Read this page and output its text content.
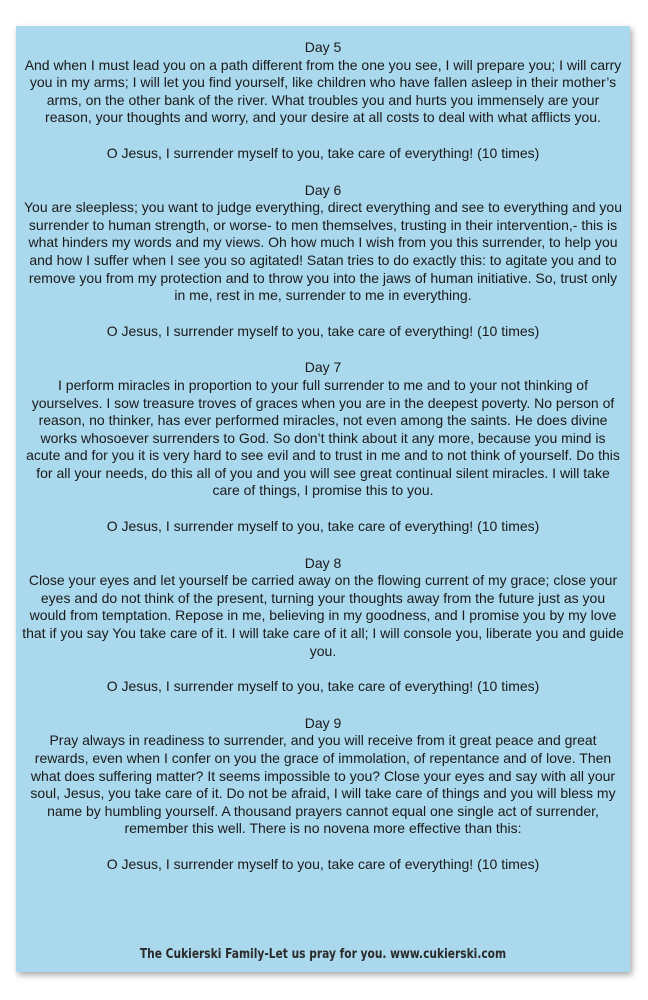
Day 5

And when I must lead you on a path different from the one you see, I will prepare you; I will carry you in my arms; I will let you find yourself, like children who have fallen asleep in their mother’s arms, on the other bank of the river. What troubles you and hurts you immensely are your reason, your thoughts and worry, and your desire at all costs to deal with what afflicts you.

O Jesus, I surrender myself to you, take care of everything! (10 times)

Day 6

You are sleepless; you want to judge everything, direct everything and see to everything and you surrender to human strength, or worse- to men themselves, trusting in their intervention,- this is what hinders my words and my views. Oh how much I wish from you this surrender, to help you and how I suffer when I see you so agitated! Satan tries to do exactly this: to agitate you and to remove you from my protection and to throw you into the jaws of human initiative. So, trust only in me, rest in me, surrender to me in everything.

O Jesus, I surrender myself to you, take care of everything! (10 times)

Day 7

I perform miracles in proportion to your full surrender to me and to your not thinking of yourselves. I sow treasure troves of graces when you are in the deepest poverty. No person of reason, no thinker, has ever performed miracles, not even among the saints. He does divine works whosoever surrenders to God. So don’t think about it any more, because you mind is acute and for you it is very hard to see evil and to trust in me and to not think of yourself. Do this for all your needs, do this all of you and you will see great continual silent miracles. I will take care of things, I promise this to you.

O Jesus, I surrender myself to you, take care of everything! (10 times)

Day 8

Close your eyes and let yourself be carried away on the flowing current of my grace; close your eyes and do not think of the present, turning your thoughts away from the future just as you would from temptation. Repose in me, believing in my goodness, and I promise you by my love that if you say You take care of it. I will take care of it all; I will console you, liberate you and guide you.

O Jesus, I surrender myself to you, take care of everything! (10 times)

Day 9

Pray always in readiness to surrender, and you will receive from it great peace and great rewards, even when I confer on you the grace of immolation, of repentance and of love. Then what does suffering matter? It seems impossible to you? Close your eyes and say with all your soul, Jesus, you take care of it. Do not be afraid, I will take care of things and you will bless my name by humbling yourself. A thousand prayers cannot equal one single act of surrender, remember this well. There is no novena more effective than this:

O Jesus, I surrender myself to you, take care of everything! (10 times)

The Cukierski Family-Let us pray for you. www.cukierski.com
